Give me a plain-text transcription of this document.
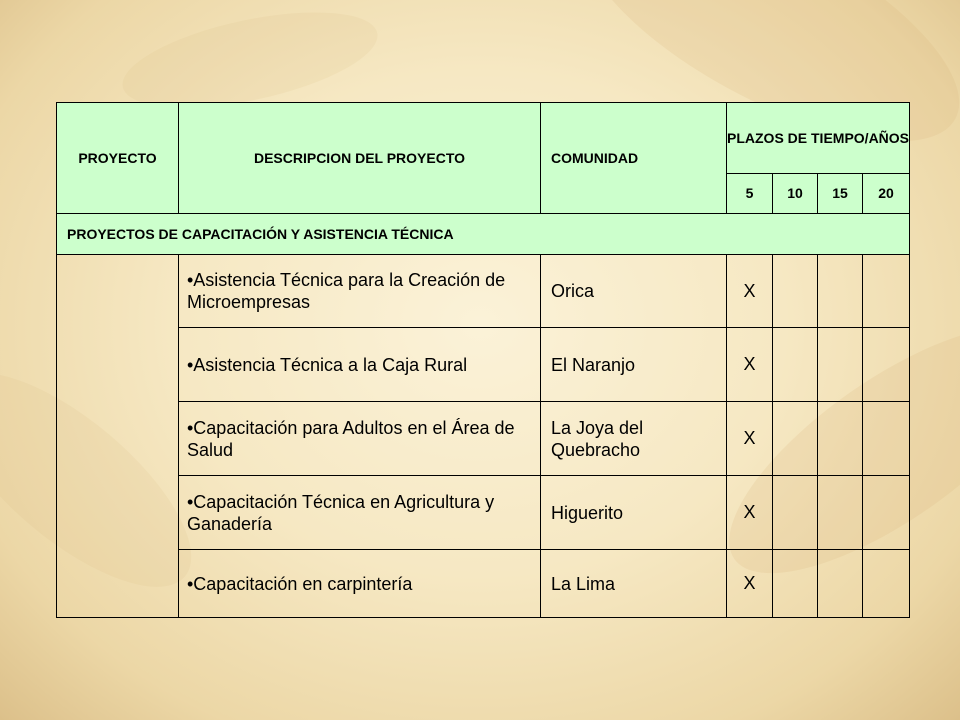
PROYECTO	DESCRIPCION DEL PROYECTO	COMUNIDAD	PLAZOS DE TIEMPO/AÑOS			
			5	10	15	20
PROYECTOS DE CAPACITACIÓN Y ASISTENCIA TÉCNICA						
	•Asistencia Técnica para la Creación de Microempresas	Orica	X			
	•Asistencia Técnica a la Caja Rural	El Naranjo	X			
	•Capacitación para Adultos en el Área de Salud	La Joya del Quebracho	X			
	•Capacitación Técnica en Agricultura y Ganadería	Higuerito	X			
	•Capacitación en carpintería	La Lima	X			
